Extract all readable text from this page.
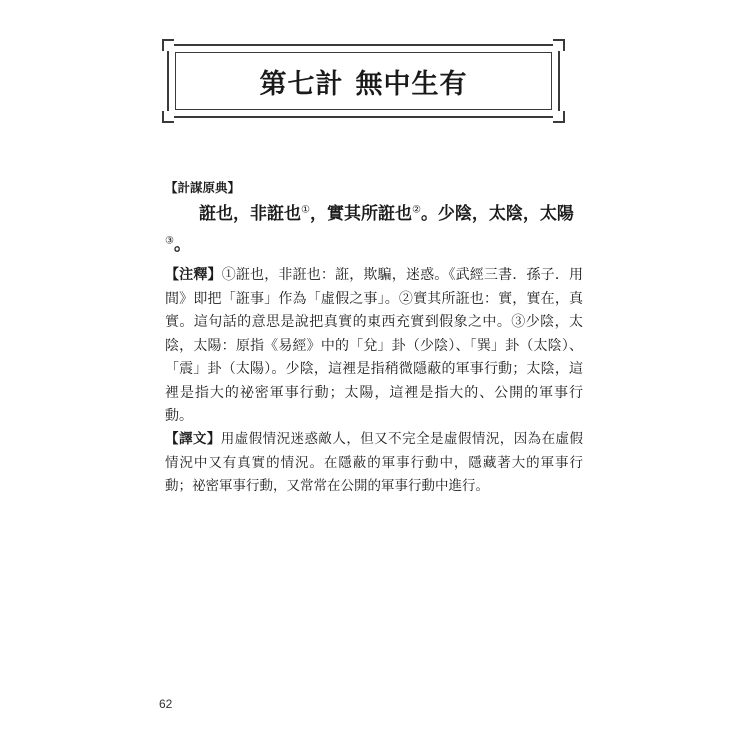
第七計 無中生有
【計謀原典】
誑也，非誑也①，實其所誑也②。少陰，太陰，太陽③。
【注釋】①誑也，非誑也：誑，欺騙，迷惑。《武經三書．孫子．用間》即把「誑事」作為「虛假之事」。②實其所誑也：實，實在，真實。這句話的意思是說把真實的東西充實到假象之中。③少陰，太陰，太陽：原指《易經》中的「兌」卦（少陰）、「巽」卦（太陰）、「震」卦（太陽）。少陰，這裡是指稍微隱蔽的軍事行動；太陰，這裡是指大的祕密軍事行動；太陽，這裡是指大的、公開的軍事行動。
【譯文】用虛假情況迷惑敵人，但又不完全是虛假情況，因為在虛假情況中又有真實的情況。在隱蔽的軍事行動中，隱藏著大的軍事行動；祕密軍事行動，又常常在公開的軍事行動中進行。
62
